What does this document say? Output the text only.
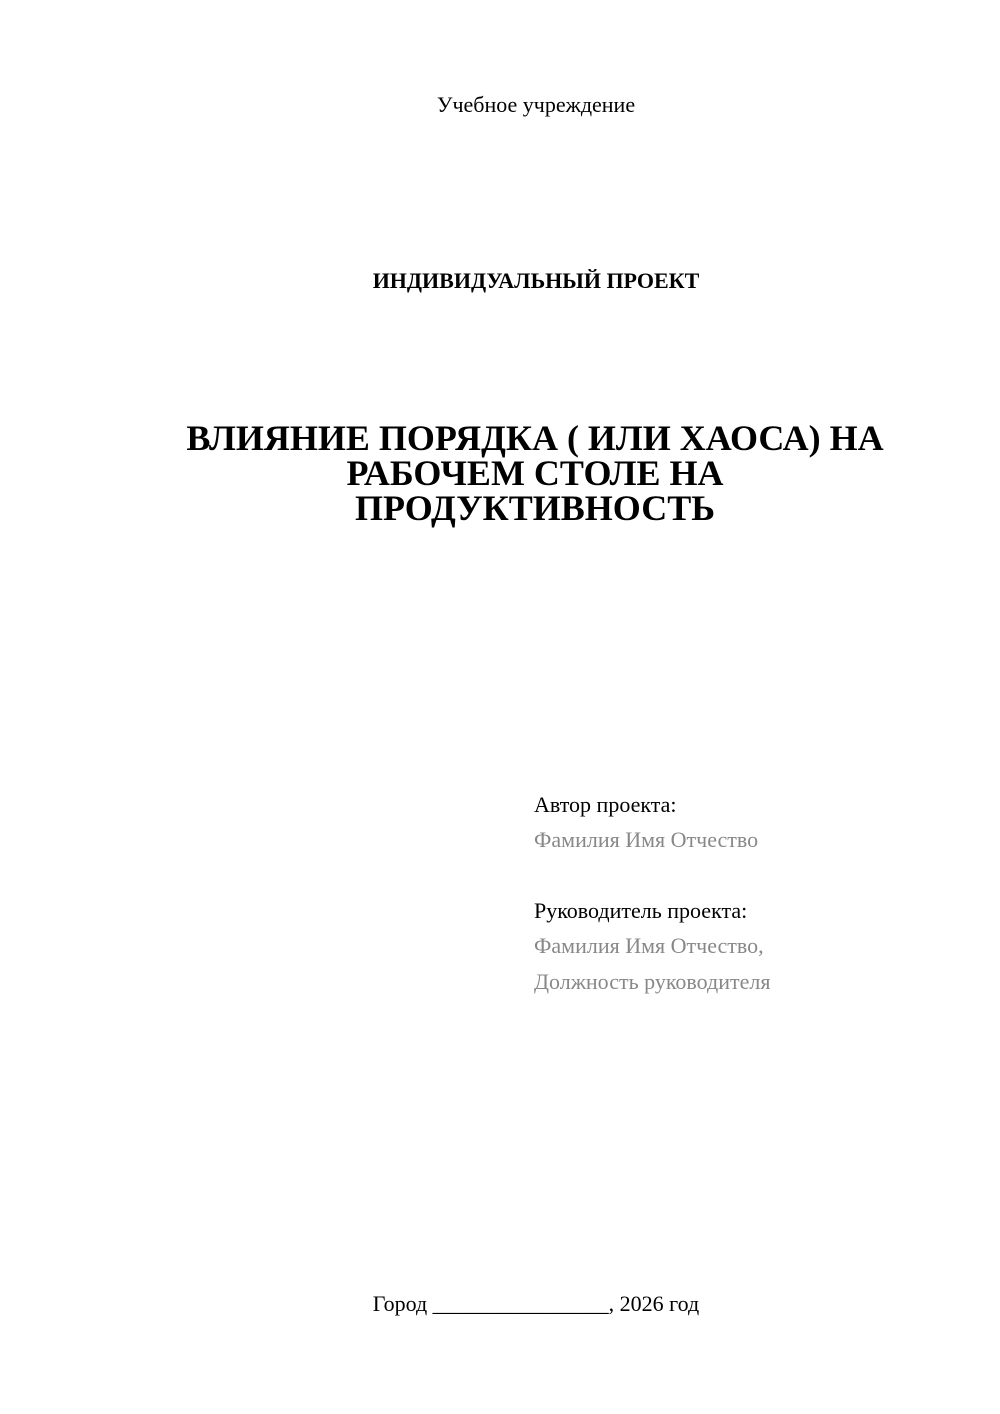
Учебное учреждение
ИНДИВИДУАЛЬНЫЙ ПРОЕКТ
ВЛИЯНИЕ ПОРЯДКА ( ИЛИ ХАОСА) НА
РАБОЧЕМ СТОЛЕ НА
ПРОДУКТИВНОСТЬ
Автор проекта:
Фамилия Имя Отчество
Руководитель проекта:
Фамилия Имя Отчество,
Должность руководителя
Город ________________, 2026 год
